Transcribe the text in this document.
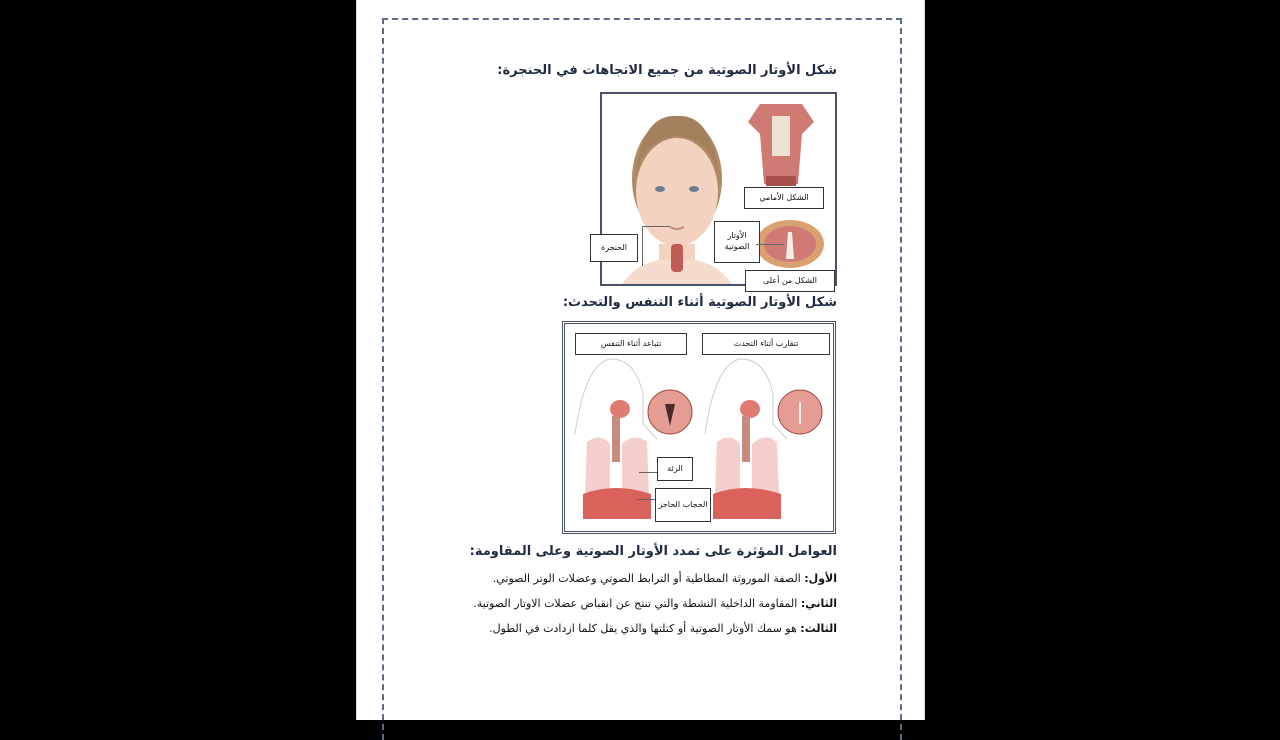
شكل الأوتار الصوتية من جميع الاتجاهات في الحنجرة:
الشكل الأمامي
الأوتار الصوتية
الحنجرة
الشكل من أعلى
شكل الأوتار الصوتية أثناء التنفس والتحدث:
تتباعد أثناء التنفس	تتقارب أثناء التحدث
الرئة
الحجاب الحاجز
العوامل المؤثرة على تمدد الأوتار الصوتية وعلى المقاومة:
الأول: الصفة الموروثة المطاطية أو الترابط الصوتي وعضلات الوتر الصوتي.
الثاني: المقاومة الداخلية النشطة والتي تنتج عن انقباض عضلات الاوتار الصوتية.
الثالث: هو سمك الأوتار الصوتية أو كتلتها والذي يقل كلما ازدادت في الطول.
